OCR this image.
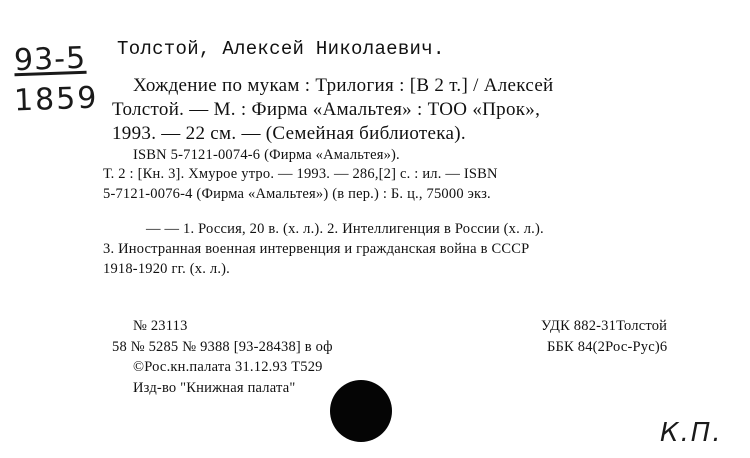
93-5
1859
К.П.
Толстой, Алексей Николаевич.
Хождение по мукам : Трилогия : [В 2 т.] / Алексей
Толстой. — М. : Фирма «Амальтея» : ТОО «Прок»,
1993. — 22 см. — (Семейная библиотека).
ISBN 5-7121-0074-6 (Фирма «Амальтея»).
Т. 2 : [Кн. 3]. Хмурое утро. — 1993. — 286,[2] с. : ил. — ISBN
5-7121-0076-4 (Фирма «Амальтея») (в пер.) : Б. ц., 75000 экз.
— — 1. Россия, 20 в. (х. л.). 2. Интеллигенция в России (х. л.).
3. Иностранная военная интервенция и гражданская война в СССР
1918-1920 гг. (х. л.).
№ 23113
58 № 5285 № 9388 [93-28438] в оф
©Рос.кн.палата 31.12.93 Т529
Изд-во "Книжная палата"
УДК 882-31Толстой
ББК 84(2Рос-Рус)6
